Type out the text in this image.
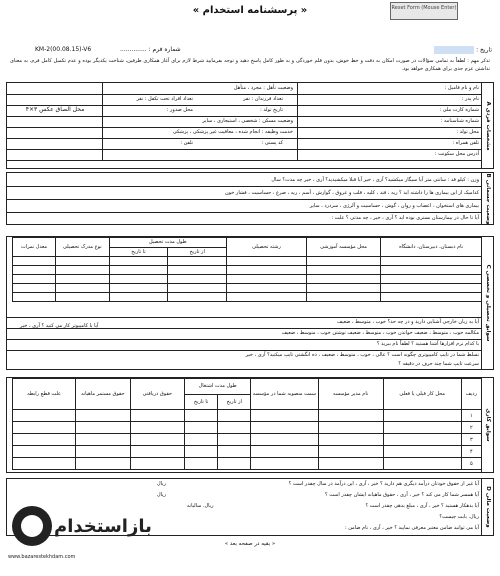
« پرسشنامه استخدام »	Reset Form (Mouse Enter)
تاریخ :
شماره فرم : ..............
KM-2(00.08.15)-V6
تذکر مهم : لطفاً به تمامی سؤالات در صورت امکان به دقت و خط خوش، بدون قلم خوردگی و به طور کامل پاسخ دهید و توجه بفرمایید شرط لازم برای آغاز همکاری طرفین، شناخت یکدیگر بوده و عدم تکمیل کامل فرم، به معنای نداشتن عزم جدی برای همکاری خواهد بود.
مشخصات فردی A
نام و نام فامیل :
وضعیت تأهل : مجرد ، متأهل
نام پدر :
تعداد فرزندان : نفر
تعداد افراد تحت تکفل : نفر
شماره کارت ملی :
تاریخ تولد :
محل صدور :
شماره شناسنامه :
وضعیت مسکن : شخصی ، استیجاری ، سایر
محل تولد :
خدمت وظیفه : انجام شده ، معافیت غیر پزشکی ، پزشکی
تلفن همراه :
تلفن :	کد پستی :
آدرس محل سکونت :
محل الصاق عکس ۳×۴
وضعیت جسمانی B
وزن : کیلو قد : سانتی متر آیا سیگار میکشید؟ آری ، خیر آیا قبلا میکشیدید؟ آری ، خیر چه مدت؟ سال
کدامیک از این بیماری ها را داشته اید ؟ ریه ، قند ، کلیه ، قلب و عروق ، گوارش ، آسم ، ریه ، صرع ، حساسیت ، فشار خون
بیماری های استخوان ، اعصاب و روان ، گوش ، حساسیت و آلرژی ، سردرد ، سایر
آیا تا حال در بیمارستان بستری بوده اید ؟ آری ، خیر ، چه مدتی ؟ علت :
سوابق تحصیلی و تخصصی C
نام دبستان، دبیرستان، دانشگاه	محل مؤسسه آموزشی	رشته تحصیلی	طول مدت تحصیل		نوع مدرک تحصیلی	معدل نمرات
			از تاریخ	تا تاریخ		

آیا به زبان خارجی آشنایی دارید و در چه حد؟ خوب ، متوسط ، ضعیف
مکالمه خوب ، متوسط ، ضعیف خواندن خوب ، متوسط ، ضعیف نوشتن خوب ، متوسط ، ضعیف
با کدام نرم افزارها آشنا هستید ؟ لطفاً نام ببرید ؟
تسلط شما در تایپ کامپیوتری چگونه است ؟ عالی ، خوب ، متوسط ، ضعیف ، ده انگشتی تایپ میکنید؟ آری ، خیر
سرعت تایپ شما چند حرف در دقیقه ؟
آیا با کامپیوتر کار می کنید ؟ آری ، خیر
سوابق کاری
ردیف	محل کار قبلی یا فعلی	نام مدیر مؤسسه	سمت منصوبه شما در مؤسسه	طول مدت اشتغال		حقوق دریافتی	حقوق مستمر ماهیانه	علت قطع رابطه
				از تاریخ	تا تاریخ			
۱								
۲								
۳								
۴								
۵								
وضعیت مالی D
آیا غیر از حقوق خودتان درآمد دیگری هم دارید ؟ خیر ، آری ، این درآمد در سال چقدر است ؟
ریال
آیا همسر شما کار می کند ؟ خیر ، آری ، حقوق ماهیانه ایشان چقدر است ؟
ریال
آیا بدهکار هستید ؟ خیر ، آری ، مبلغ بدهی چقدر است ؟
ریال. سالیانه
ریال. بابت چیست؟
آیا می توانید ضامن معتبر معرفی نمایید ؟ خیر ، آری ، نام ضامن :
« بقیه در صفحه بعد »
بازاستخدام
www.bazarestekhdam.com
